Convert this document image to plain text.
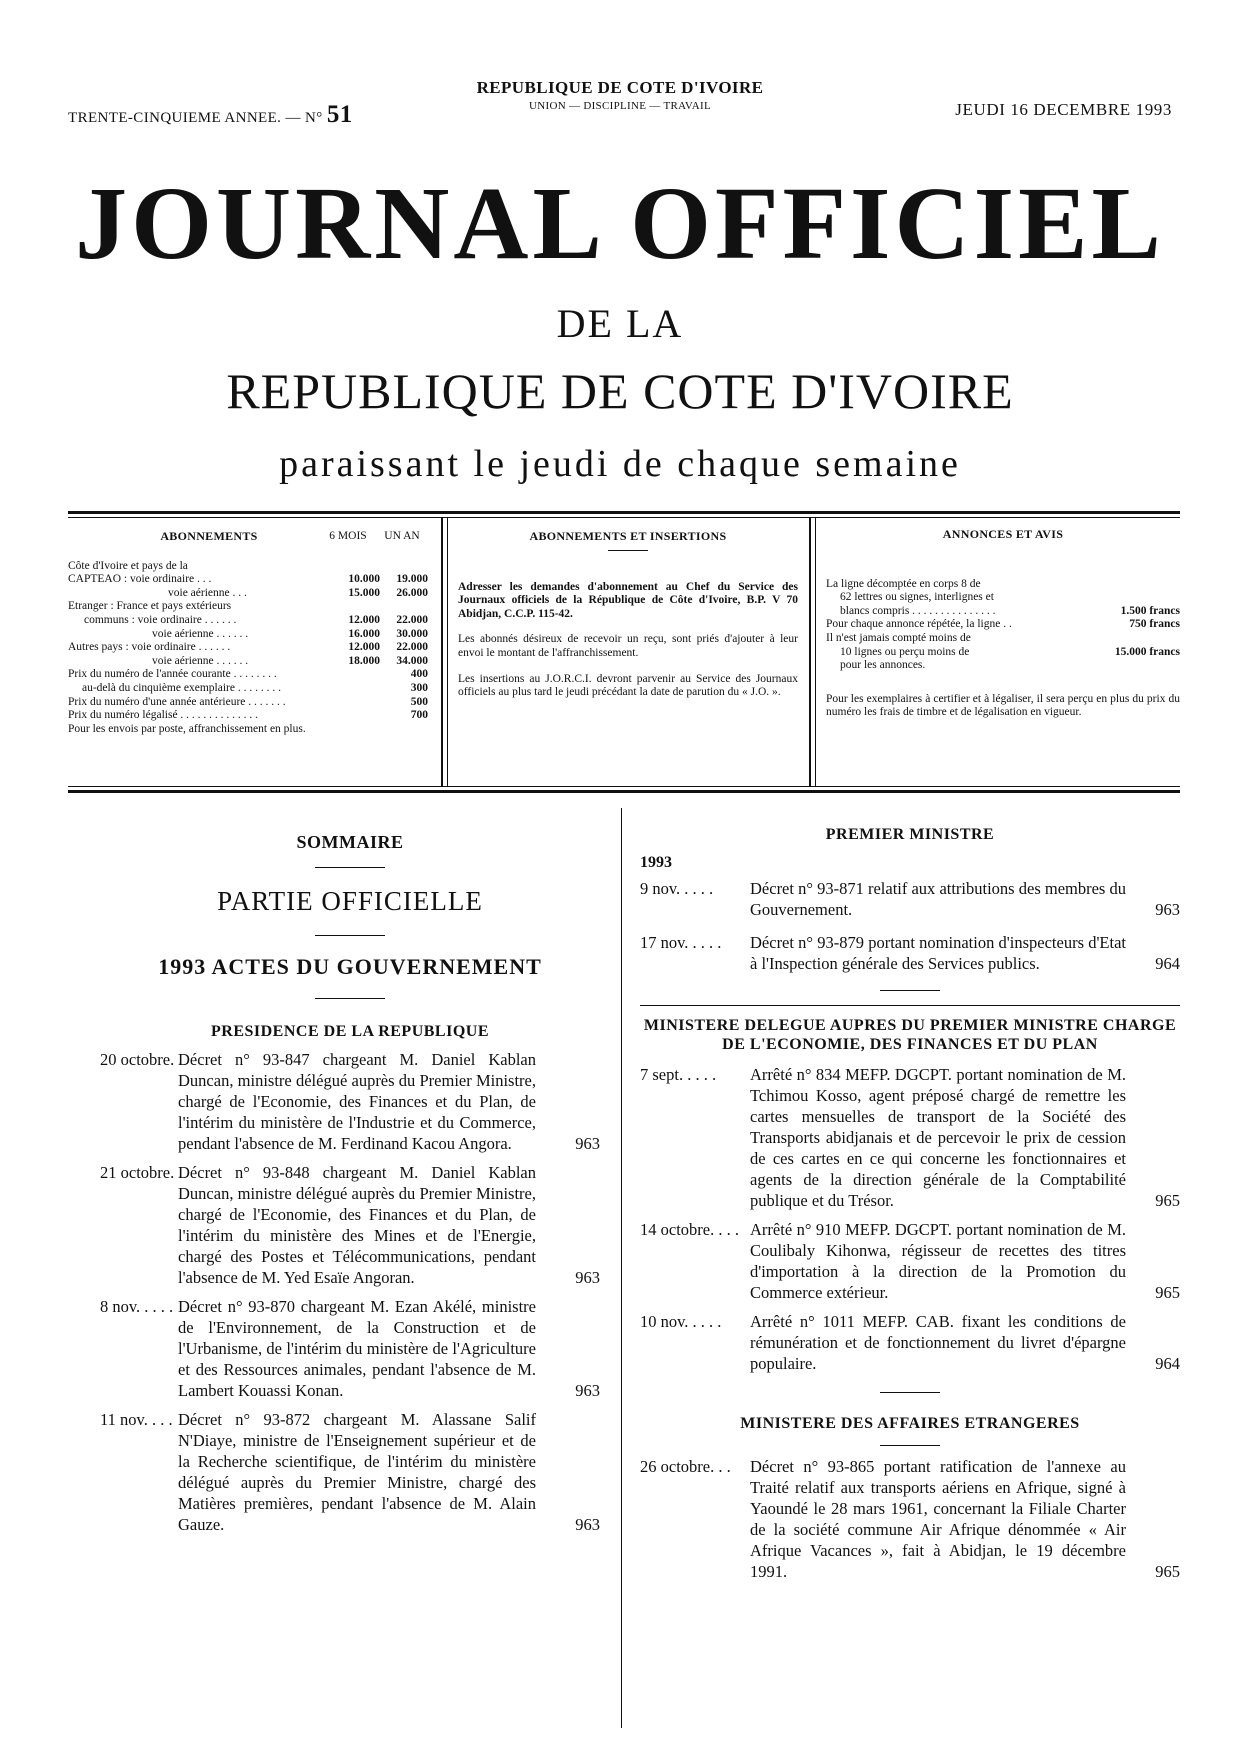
TRENTE-CINQUIEME ANNEE. — N° 51
REPUBLIQUE DE COTE D'IVOIRE
UNION — DISCIPLINE — TRAVAIL	JEUDI 16 DECEMBRE 1993
JOURNAL OFFICIEL
DE LA
REPUBLIQUE DE COTE D'IVOIRE
paraissant le jeudi de chaque semaine
ABONNEMENTS	6 MOIS	UN AN
Côte d'Ivoire et pays de la
CAPTEAO : voie ordinaire . . .	10.000	19.000
voie aérienne . . .	15.000	26.000
Etranger : France et pays extérieurs
communs : voie ordinaire . . . . . .	12.000	22.000
voie aérienne . . . . . .	16.000	30.000
Autres pays : voie ordinaire . . . . . .	12.000	22.000
voie aérienne . . . . . .	18.000	34.000
Prix du numéro de l'année courante . . . . . . . .	400
au-delà du cinquième exemplaire . . . . . . . .	300
Prix du numéro d'une année antérieure . . . . . . .	500
Prix du numéro légalisé . . . . . . . . . . . . . .	700
Pour les envois par poste, affranchissement en plus.
ABONNEMENTS ET INSERTIONS
Adresser les demandes d'abonnement au Chef du Service des Journaux officiels de la République de Côte d'Ivoire, B.P. V 70 Abidjan, C.C.P. 115-42.
Les abonnés désireux de recevoir un reçu, sont priés d'ajouter à leur envoi le montant de l'affranchissement.
Les insertions au J.O.R.C.I. devront parvenir au Service des Journaux officiels au plus tard le jeudi précédant la date de parution du « J.O. ».
ANNONCES ET AVIS
La ligne décomptée en corps 8 de
62 lettres ou signes, interlignes et
blancs compris . . . . . . . . . . . . . . .	1.500 francs
Pour chaque annonce répétée, la ligne . .	750 francs
Il n'est jamais compté moins de
10 lignes ou perçu moins de	15.000 francs
pour les annonces.
Pour les exemplaires à certifier et à légaliser, il sera perçu en plus du prix du numéro les frais de timbre et de légalisation en vigueur.
SOMMAIRE
PARTIE OFFICIELLE
1993 ACTES DU GOUVERNEMENT
PRESIDENCE DE LA REPUBLIQUE
20 octobre. .
Décret n° 93-847 chargeant M. Daniel Kablan Duncan, ministre délégué auprès du Premier Ministre, chargé de l'Economie, des Finances et du Plan, de l'intérim du ministère de l'Industrie et du Commerce, pendant l'absence de M. Ferdinand Kacou Angora.	963
21 octobre. .
Décret n° 93-848 chargeant M. Daniel Kablan Duncan, ministre délégué auprès du Premier Ministre, chargé de l'Economie, des Finances et du Plan, de l'intérim du ministère des Mines et de l'Energie, chargé des Postes et Télécommunications, pendant l'absence de M. Yed Esaïe Angoran.	963
8 nov. . . . . Décret n° 93-870 chargeant M. Ezan Akélé, ministre de l'Environnement, de la Construction et de l'Urbanisme, de l'intérim du ministère de l'Agriculture et des Ressources animales, pendant l'absence de M. Lambert Kouassi Konan.	963
11 nov. . . . Décret n° 93-872 chargeant M. Alassane Salif N'Diaye, ministre de l'Enseignement supérieur et de la Recherche scientifique, de l'intérim du ministère délégué auprès du Premier Ministre, chargé des Matières premières, pendant l'absence de M. Alain Gauze.	963
PREMIER MINISTRE
1993
9 nov. . . . .	Décret n° 93-871 relatif aux attributions des membres du Gouvernement.	963
17 nov. . . . .	Décret n° 93-879 portant nomination d'inspecteurs d'Etat à l'Inspection générale des Services publics.	964
MINISTERE DELEGUE AUPRES DU PREMIER MINISTRE CHARGE DE L'ECONOMIE, DES FINANCES ET DU PLAN
7 sept. . . . .	Arrêté n° 834 MEFP. DGCPT. portant nomination de M. Tchimou Kosso, agent préposé chargé de remettre les cartes mensuelles de transport de la Société des Transports abidjanais et de percevoir le prix de cession de ces cartes en ce qui concerne les fonctionnaires et agents de la direction générale de la Comptabilité publique et du Trésor.	965
14 octobre. . . . Arrêté n° 910 MEFP. DGCPT. portant nomination de M. Coulibaly Kihonwa, régisseur de recettes des titres d'importation à la direction de la Promotion du Commerce extérieur.	965
10 nov. . . . .	Arrêté n° 1011 MEFP. CAB. fixant les conditions de rémunération et de fonctionnement du livret d'épargne populaire.	964
MINISTERE DES AFFAIRES ETRANGERES
26 octobre. . .	Décret n° 93-865 portant ratification de l'annexe au Traité relatif aux transports aériens en Afrique, signé à Yaoundé le 28 mars 1961, concernant la Filiale Charter de la société commune Air Afrique dénommée « Air Afrique Vacances », fait à Abidjan, le 19 décembre 1991.	965
